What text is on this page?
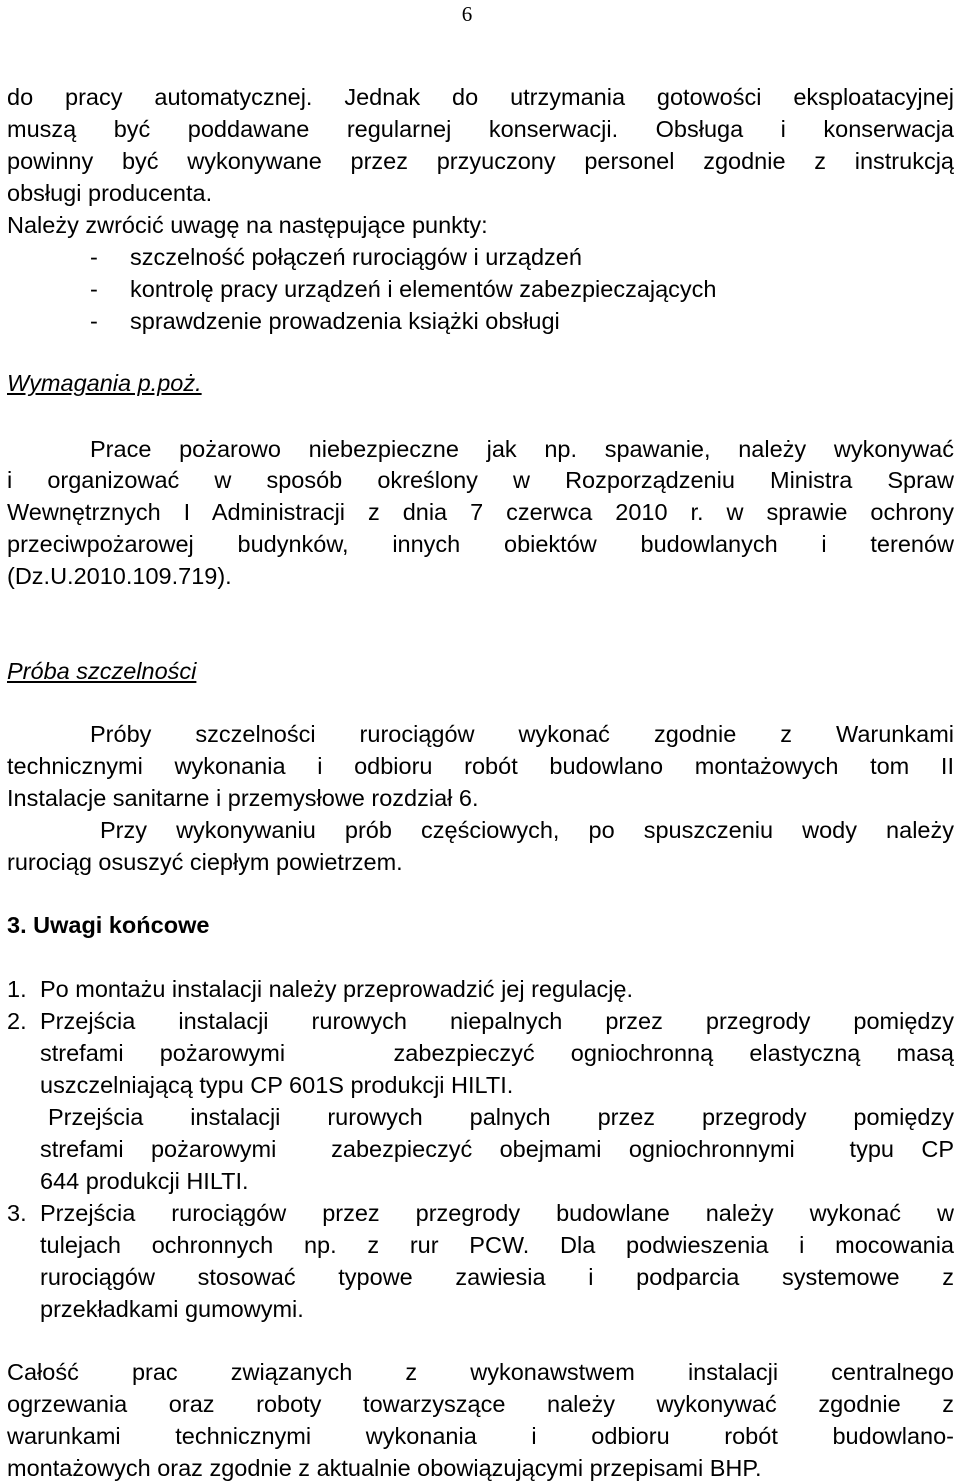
6
do pracy automatycznej. Jednak do utrzymania gotowości eksploatacyjnej
muszą być poddawane regularnej konserwacji. Obsługa i konserwacja
powinny być wykonywane przez przyuczony personel zgodnie z instrukcją
obsługi producenta.
Należy zwrócić uwagę na następujące punkty:
- szczelność połączeń rurociągów i urządzeń
- kontrolę pracy urządzeń i elementów zabezpieczających
- sprawdzenie prowadzenia książki obsługi
Wymagania p.poż.
Prace pożarowo niebezpieczne jak np. spawanie, należy wykonywać
i organizować w sposób określony w Rozporządzeniu Ministra Spraw
Wewnętrznych I Administracji z dnia 7 czerwca 2010 r. w sprawie ochrony
przeciwpożarowej budynków, innych obiektów budowlanych i terenów
(Dz.U.2010.109.719).
Próba szczelności
Próby szczelności rurociągów wykonać zgodnie z Warunkami
technicznymi wykonania i odbioru robót budowlano montażowych tom II
Instalacje sanitarne i przemysłowe rozdział 6.
Przy wykonywaniu prób częściowych, po spuszczeniu wody należy
rurociąg osuszyć ciepłym powietrzem.
3. Uwagi końcowe
1. Po montażu instalacji należy przeprowadzić jej regulację.
2. Przejścia instalacji rurowych niepalnych przez przegrody pomiędzy
strefami pożarowymi   zabezpieczyć ogniochronną elastyczną masą
uszczelniającą typu CP 601S produkcji HILTI.
Przejścia instalacji rurowych palnych przez przegrody pomiędzy
strefami pożarowymi  zabezpieczyć obejmami ogniochronnymi  typu CP
644 produkcji HILTI.
3. Przejścia rurociągów przez przegrody budowlane należy wykonać w
tulejach ochronnych np. z rur PCW. Dla podwieszenia i mocowania
rurociągów stosować typowe zawiesia i podparcia systemowe z
przekładkami gumowymi.
Całość prac związanych z wykonawstwem instalacji centralnego
ogrzewania oraz roboty towarzyszące należy wykonywać zgodnie z
warunkami technicznymi wykonania i odbioru robót budowlano-
montażowych oraz zgodnie z aktualnie obowiązującymi przepisami BHP.
